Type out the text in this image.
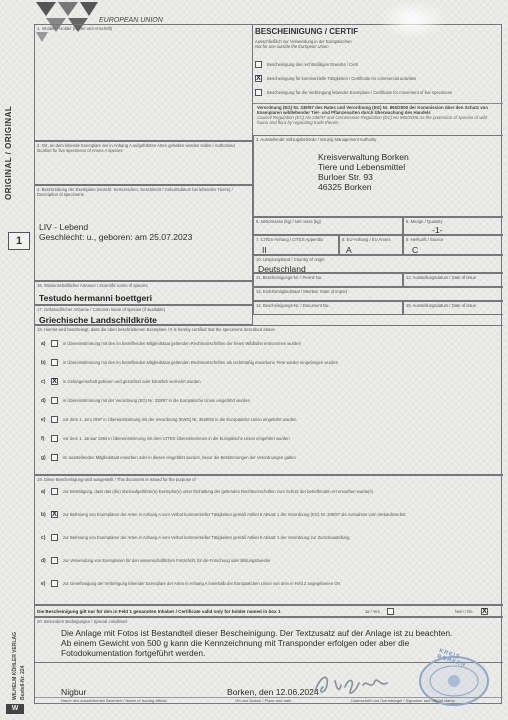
ORIGINAL / ORIGINAL
1
WILHELM KÖHLER VERLAG Bestell-Nr. 224
W
EUROPEAN UNION
BESCHEINIGUNG / CERTIF
Ausschließlich zur Verwendung in der Europäischen
Not for use outside the European Union
1. Inhaber / Holder (Name und Anschrift)
Bescheinigung des rechtmäßigen Erwerbs / Certi
X Bescheinigung für kommerzielle Tätigkeiten / Certificate for commercial activities
Bescheinigung für die Verbringung lebender Exemplare / Certificate for movement of live specimens
Verordnung (EG) Nr. 338/97 des Rates und Verordnung (EG) Nr. 865/2006 der Kommission über den Schutz von Exemplaren wildlebender Tier- und Pflanzenarten durch Überwachung des Handels
Council Regulation (EC) No 338/97 and Commission Regulation (EC) No 865/2006 on the protection of species of wild fauna and flora by regulating trade therein
2. Ort, an dem lebende Exemplare der in Anhang A aufgeführten Arten gehalten werden sollen / Authorised location for live specimens of Annex A species
3. Ausstellende Vollzugsbehörde / Issuing Management Authority
Kreisverwaltung Borken
Tiere und Lebensmittel
Burloer Str. 93
46325 Borken
4. Beschreibung der Exemplare (einschl. Kennzeichen, Geschlecht / Geburtsdatum bei lebenden Tieren) / Description of specimens
LIV - Lebend
Geschlecht: u., geboren: am 25.07.2023
5. Nettomasse (kg) / Net mass (kg)	6. Menge / Quantity
-1-
7. CITES-Anhang / CITES Appendix
II
8. EU-Anhang / EU Annex
A
9. Herkunft / Source
C
10. Ursprungsland / Country of origin
Deutschland
11. Bescheinigungs-Nr. / Permit No.	12. Ausstellungsdatum / Date of issue
13. Einfuhrmitgliedstaat / Member State of import
14. Bescheinigungs-Nr. / Document No.	15. Ausstellungsdatum / Date of issue
16. Wissenschaftlicher Artname / Scientific name of species
Testudo hermanni boettgeri
17. Gebräuchlicher Artname / Common name of species (if available)
Griechische Landschildkröte
18. Hiermit wird bescheinigt, dass die oben beschriebenen Exemplare / It is hereby certified that the specimens described above
a)	in Übereinstimmung mit den im betreffenden Mitgliedstaat geltenden Rechtsvorschriften der freien Wildbahn entnommen wurden
b)	in Übereinstimmung mit den im betreffenden Mitgliedstaat geltenden Rechtsvorschriften als rechtmäßig erworbene Tiere wieder eingefangen wurden
c) X in Gefangenschaft geboren und gezüchtet oder künstlich vermehrt wurden
d)	in Übereinstimmung mit der Verordnung (EG) Nr. 338/97 in die Europäische Union eingeführt wurden
e)	vor dem 1. Juni 1997 in Übereinstimmung mit der Verordnung (EWG) Nr. 3626/82 in die Europäische Union eingeführt wurden
f)	vor dem 1. Januar 1984 in Übereinstimmung mit dem CITES-Übereinkommen in die Europäische Union eingeführt wurden
g)	im ausstellenden Mitgliedstaat erworben oder in diesen eingeführt wurden, bevor die Bestimmungen der Verordnungen galten
19. Diese Bescheinigung wird ausgestellt / This document is issued for the purpose of
a)	zur Bestätigung, dass das (die) obenaufgeführte(n) Exemplar(e) unter Einhaltung der geltenden Rechtsvorschriften zum Schutz der betreffenden Art erworben wurde(n)
b) X zur Befreiung von Exemplaren der Arten in Anhang A vom Verbot kommerzieller Tätigkeiten gemäß Artikel 8 Absatz 1 der Verordnung (EG) Nr. 338/97 als Ausnahme vom Verkaufsverbot
c)	zur Befreiung von Exemplaren der Arten in Anhang A vom Verbot kommerzieller Tätigkeiten gemäß Artikel 8 Absatz 1 der Verordnung zur Zurschaustellung
d)	zur Verwendung von Exemplaren für den wissenschaftlichen Fortschritt, für die Forschung oder Bildungszwecke
e)	zur Genehmigung der Verbringung lebender Exemplare der Arten in Anhang A innerhalb der Europäischen Union von dem in Feld 2 angegebenen Ort
Die Bescheinigung gilt nur für den in Feld 1 genannten Inhaber / Certificate valid only for holder named in box 1	Ja / Yes	Nein / No X
20. Besondere Bedingungen / Special conditions
Die Anlage mit Fotos ist Bestandteil dieser Bescheinigung. Der Textzusatz auf der Anlage ist zu beachten.
Ab einem Gewicht von 500 g kann die Kennzeichnung mit Transponder erfolgen oder aber die
Fotodokumentation fortgeführt werden.
Nigbur	Borken, den 12.06.2024
KREIS BORKEN
Name des ausstellenden Beamten / Name of issuing official	Ort und Datum / Place and date	Unterschrift und Dienstsiegel / Signature and official stamp
